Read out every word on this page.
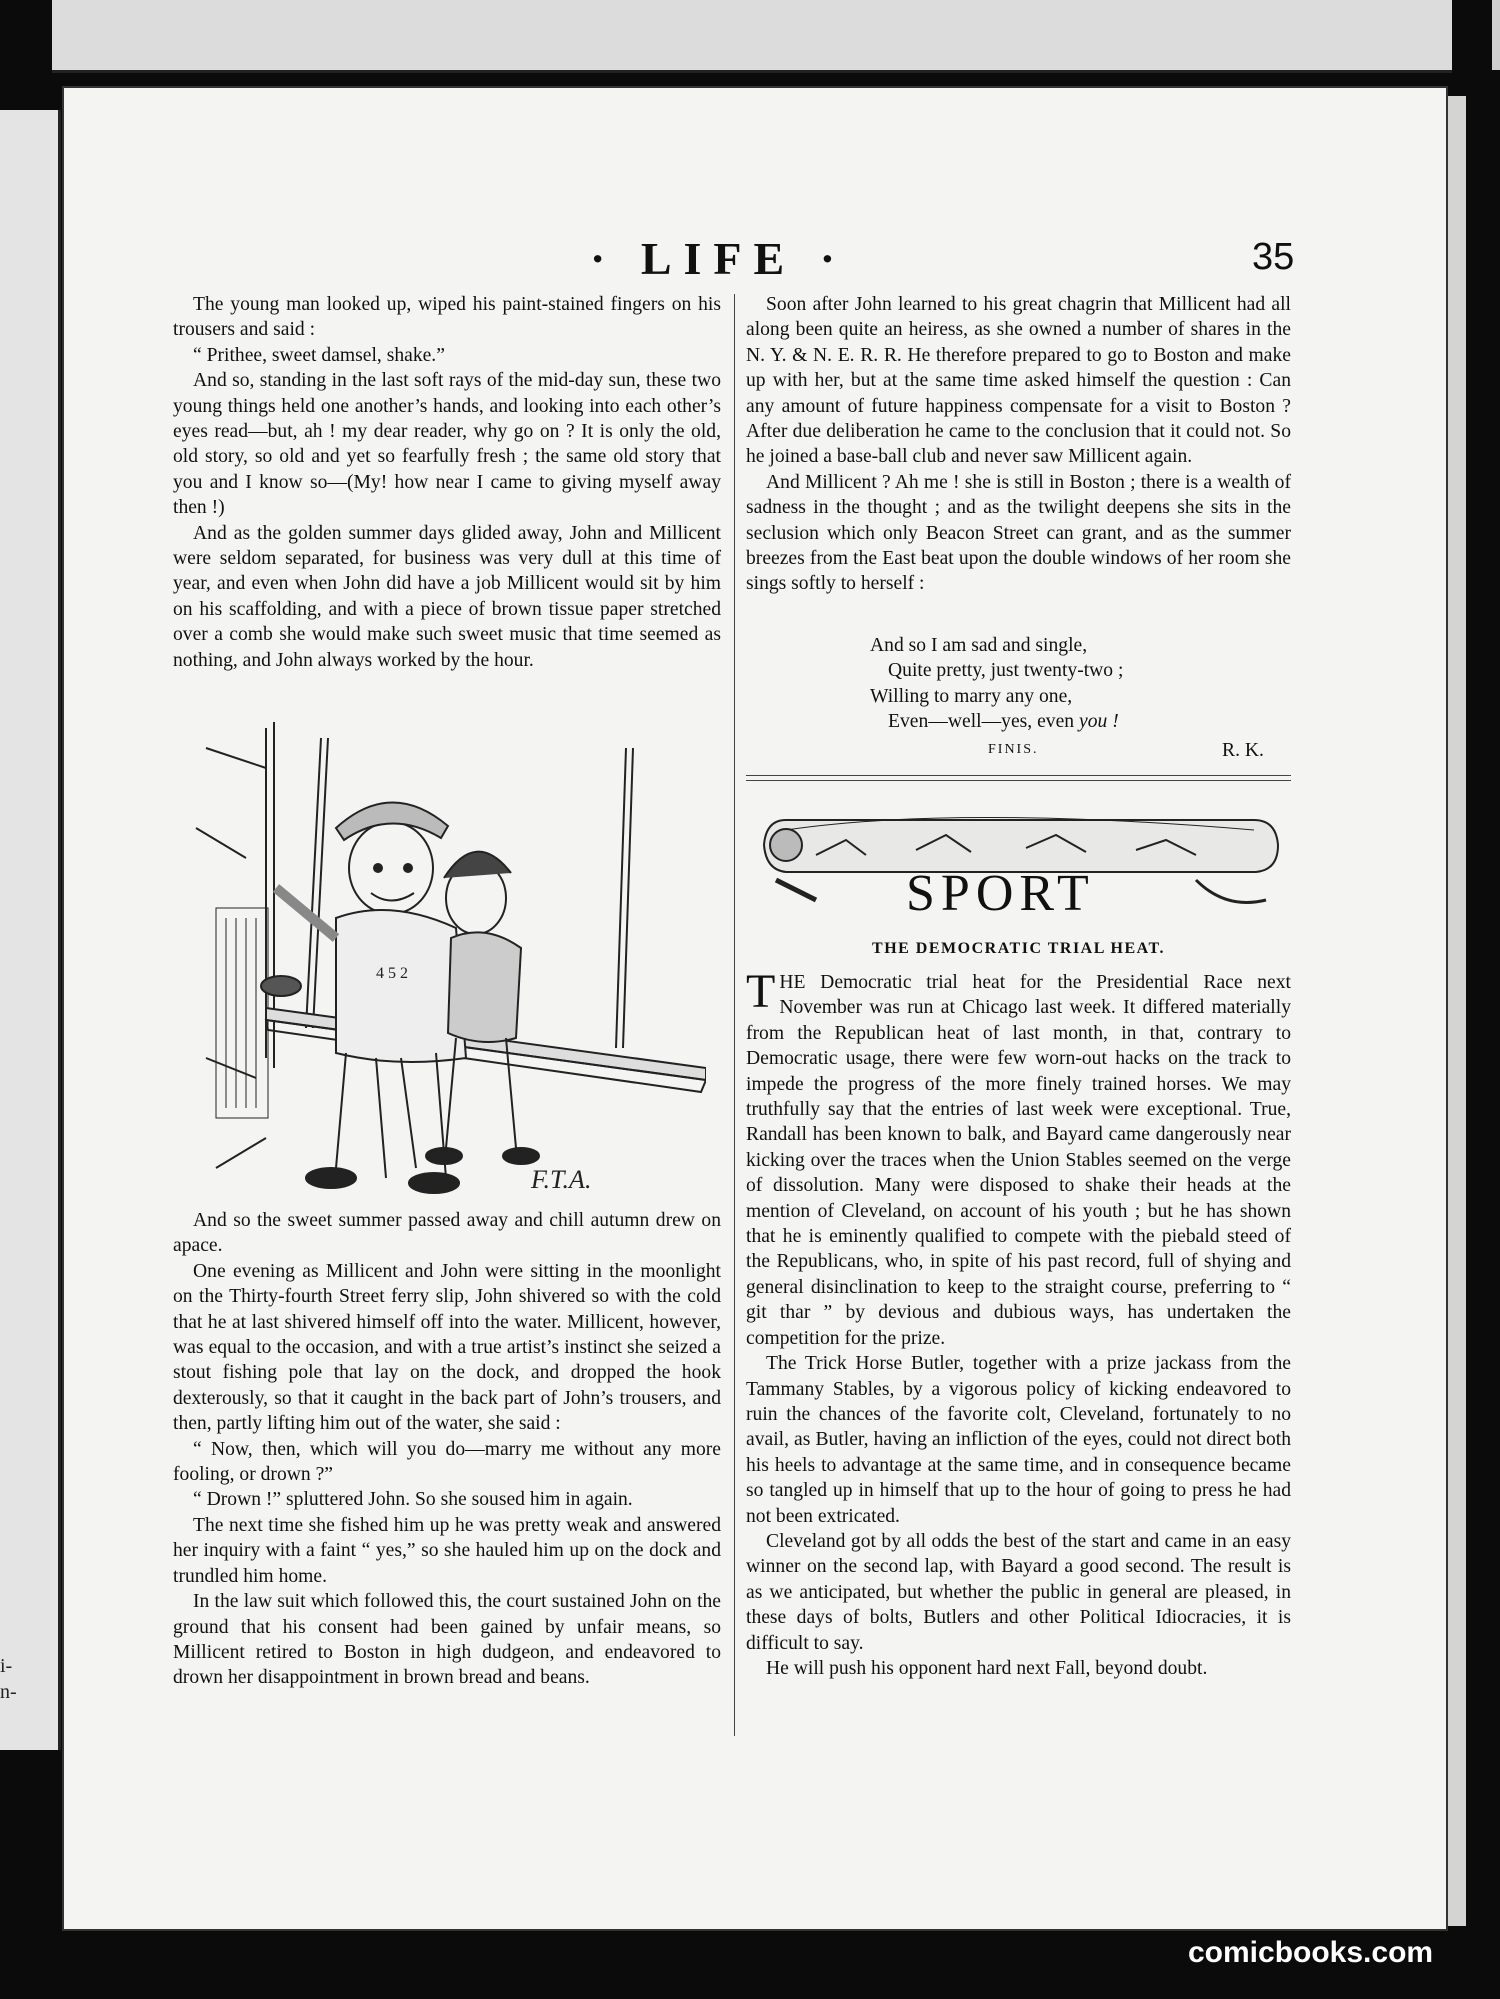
i-
n-
· LIFE ·	35

The young man looked up, wiped his paint-stained fingers on his trousers and said :

“ Prithee, sweet damsel, shake.”

And so, standing in the last soft rays of the mid-day sun, these two young things held one another’s hands, and looking into each other’s eyes read—but, ah ! my dear reader, why go on ? It is only the old, old story, so old and yet so fearfully fresh ; the same old story that you and I know so—(My! how near I came to giving myself away then !)

And as the golden summer days glided away, John and Millicent were seldom separated, for business was very dull at this time of year, and even when John did have a job Millicent would sit by him on his scaffolding, and with a piece of brown tissue paper stretched over a comb she would make such sweet music that time seemed as nothing, and John always worked by the hour.

4 5 2
F.T.A.

And so the sweet summer passed away and chill autumn drew on apace.

One evening as Millicent and John were sitting in the moonlight on the Thirty-fourth Street ferry slip, John shivered so with the cold that he at last shivered himself off into the water. Millicent, however, was equal to the occasion, and with a true artist’s instinct she seized a stout fishing pole that lay on the dock, and dropped the hook dexterously, so that it caught in the back part of John’s trousers, and then, partly lifting him out of the water, she said :

“ Now, then, which will you do—marry me without any more fooling, or drown ?”

“ Drown !” spluttered John. So she soused him in again.

The next time she fished him up he was pretty weak and answered her inquiry with a faint “ yes,” so she hauled him up on the dock and trundled him home.

In the law suit which followed this, the court sustained John on the ground that his consent had been gained by unfair means, so Millicent retired to Boston in high dudgeon, and endeavored to drown her disappointment in brown bread and beans.

Soon after John learned to his great chagrin that Millicent had all along been quite an heiress, as she owned a number of shares in the N. Y. & N. E. R. R. He therefore prepared to go to Boston and make up with her, but at the same time asked himself the question : Can any amount of future happiness compensate for a visit to Boston ? After due deliberation he came to the conclusion that it could not. So he joined a base-ball club and never saw Millicent again.

And Millicent ? Ah me ! she is still in Boston ; there is a wealth of sadness in the thought ; and as the twilight deepens she sits in the seclusion which only Beacon Street can grant, and as the summer breezes from the East beat upon the double windows of her room she sings softly to herself :

And so I am sad and single,
Quite pretty, just twenty-two ;
Willing to marry any one,
Even—well—yes, even you !
FINIS.	R. K.
SPORT
THE DEMOCRATIC TRIAL HEAT.

THE Democratic trial heat for the Presidential Race next November was run at Chicago last week. It differed materially from the Republican heat of last month, in that, contrary to Democratic usage, there were few worn-out hacks on the track to impede the progress of the more finely trained horses. We may truthfully say that the entries of last week were exceptional. True, Randall has been known to balk, and Bayard came dangerously near kicking over the traces when the Union Stables seemed on the verge of dissolution. Many were disposed to shake their heads at the mention of Cleveland, on account of his youth ; but he has shown that he is eminently qualified to compete with the piebald steed of the Republicans, who, in spite of his past record, full of shying and general disinclination to keep to the straight course, preferring to “ git thar ” by devious and dubious ways, has undertaken the competition for the prize.

The Trick Horse Butler, together with a prize jackass from the Tammany Stables, by a vigorous policy of kicking endeavored to ruin the chances of the favorite colt, Cleveland, fortunately to no avail, as Butler, having an infliction of the eyes, could not direct both his heels to advantage at the same time, and in consequence became so tangled up in himself that up to the hour of going to press he had not been extricated.

Cleveland got by all odds the best of the start and came in an easy winner on the second lap, with Bayard a good second. The result is as we anticipated, but whether the public in general are pleased, in these days of bolts, Butlers and other Political Idiocracies, it is difficult to say.

He will push his opponent hard next Fall, beyond doubt.

comicbooks.com
